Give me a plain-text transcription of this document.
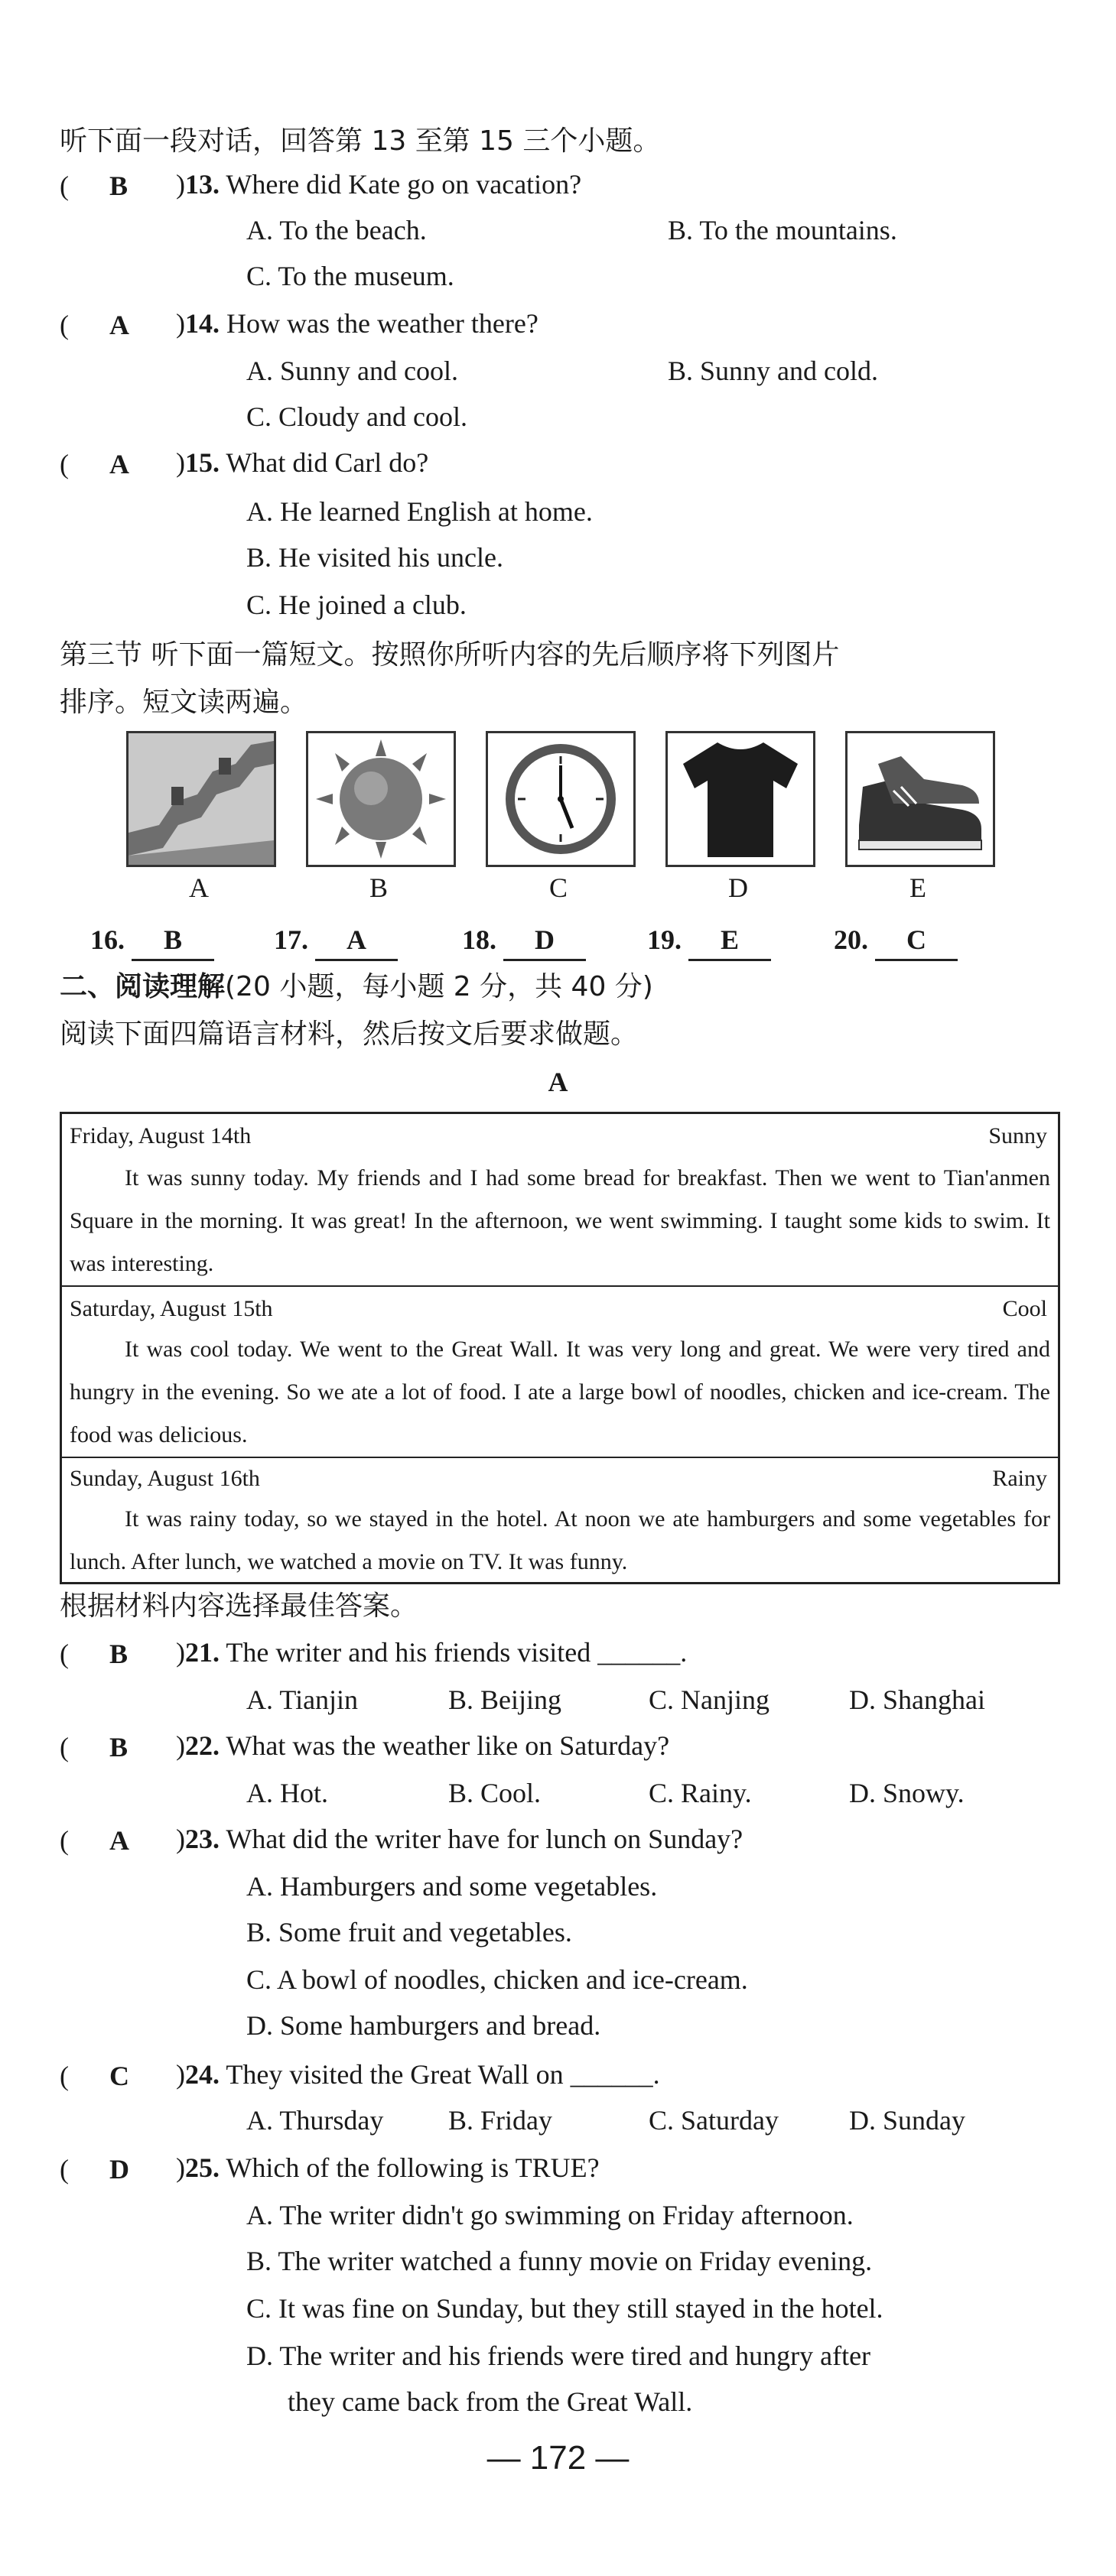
听下面一段对话，回答第 13 至第 15 三个小题。
( B )13. Where did Kate go on vacation?
A. To the beach.	B. To the mountains.
C. To the museum.
( A )14. How was the weather there?
A. Sunny and cool.	B. Sunny and cold.
C. Cloudy and cool.
( A )15. What did Carl do?
A. He learned English at home.
B. He visited his uncle.
C. He joined a club.
第三节 听下面一篇短文。按照你所听内容的先后顺序将下列图片
排序。短文读两遍。
A	B	C	D	E
16. B	17. A	18. D	19. E	20. C
二、阅读理解(20 小题，每小题 2 分，共 40 分)
阅读下面四篇语言材料，然后按文后要求做题。
A
Friday, August 14th	Sunny
It was sunny today. My friends and I had some bread for breakfast. Then we went to Tian'anmen Square in the morning. It was great! In the afternoon, we went swimming. I taught some kids to swim. It was interesting.
Saturday, August 15th	Cool
It was cool today. We went to the Great Wall. It was very long and great. We were very tired and hungry in the evening. So we ate a lot of food. I ate a large bowl of noodles, chicken and ice-cream. The food was delicious.
Sunday, August 16th	Rainy
It was rainy today, so we stayed in the hotel. At noon we ate hamburgers and some vegetables for lunch. After lunch, we watched a movie on TV. It was funny.
根据材料内容选择最佳答案。
( B )21. The writer and his friends visited ______.
A. Tianjin	B. Beijing	C. Nanjing	D. Shanghai
( B )22. What was the weather like on Saturday?
A. Hot.	B. Cool.	C. Rainy.	D. Snowy.
( A )23. What did the writer have for lunch on Sunday?
A. Hamburgers and some vegetables.
B. Some fruit and vegetables.
C. A bowl of noodles, chicken and ice-cream.
D. Some hamburgers and bread.
( C )24. They visited the Great Wall on ______.
A. Thursday B. Friday	C. Saturday	D. Sunday
( D )25. Which of the following is TRUE?
A. The writer didn't go swimming on Friday afternoon.
B. The writer watched a funny movie on Friday evening.
C. It was fine on Sunday, but they still stayed in the hotel.
D. The writer and his friends were tired and hungry after
they came back from the Great Wall.
— 172 —
